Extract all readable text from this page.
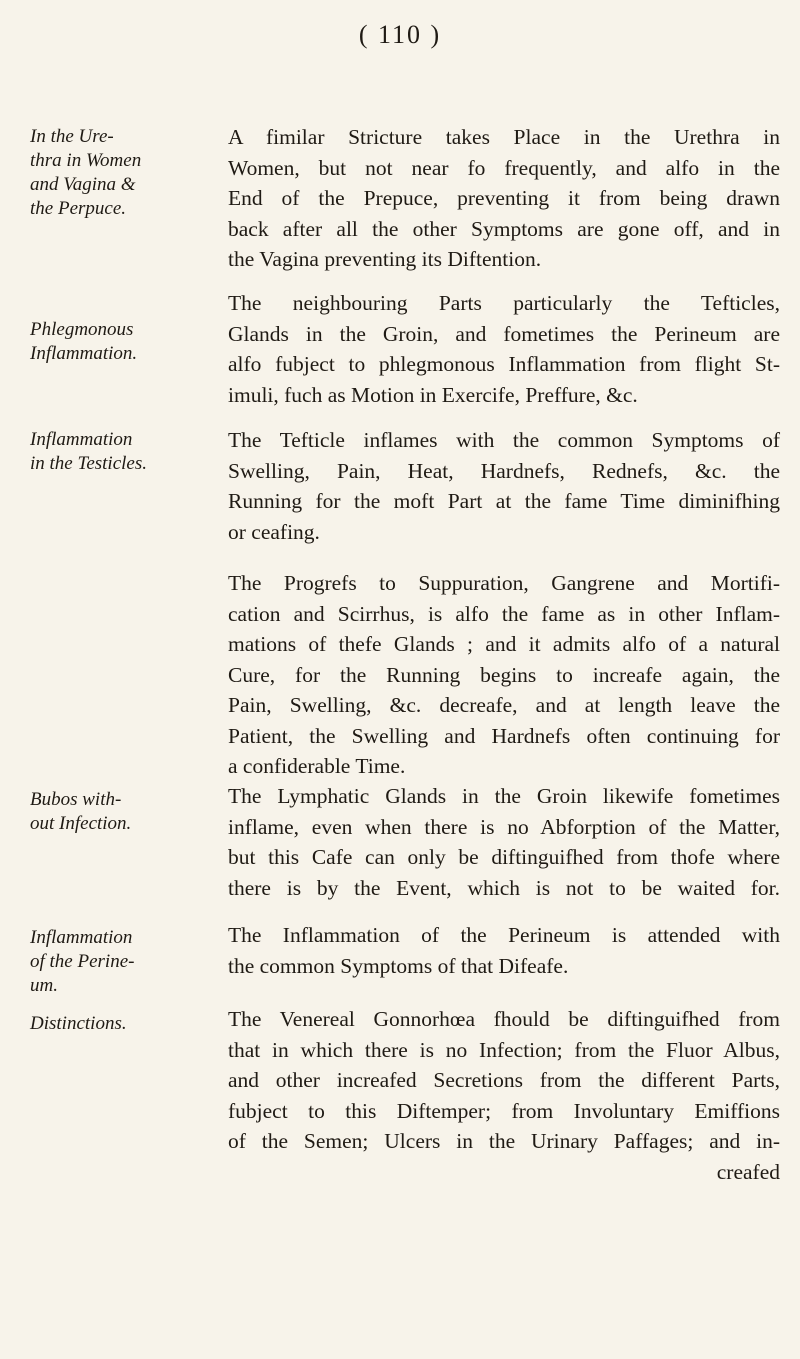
( 110 )
In the Ure-
thra in Women
and Vagina &
the Perpuce.
Phlegmonous
Inflammation.
Inflammation
in the Testicles.
Bubos with-
out Infection.
Inflammation
of the Perine-
um.
Distinctions.
A fimilar Stricture takes Place in the Urethra in
Women, but not near fo frequently, and alfo in the
End of the Prepuce, preventing it from being drawn
back after all the other Symptoms are gone off, and in
the Vagina preventing its Diftention.
The neighbouring Parts particularly the Tefticles,
Glands in the Groin, and fometimes the Perineum are
alfo fubject to phlegmonous Inflammation from flight St-
imuli, fuch as Motion in Exercife, Preffure, &c.
The Tefticle inflames with the common Symptoms of
Swelling, Pain, Heat, Hardnefs, Rednefs, &c. the
Running for the moft Part at the fame Time diminifhing
or ceafing.
The Progrefs to Suppuration, Gangrene and Mortifi-
cation and Scirrhus, is alfo the fame as in other Inflam-
mations of thefe Glands ; and it admits alfo of a natural
Cure, for the Running begins to increafe again, the
Pain, Swelling, &c. decreafe, and at length leave the
Patient, the Swelling and Hardnefs often continuing for
a confiderable Time.
The Lymphatic Glands in the Groin likewife fometimes
inflame, even when there is no Abforption of the Matter,
but this Cafe can only be diftinguifhed from thofe where
there is by the Event, which is not to be waited for.
The Inflammation of the Perineum is attended with
the common Symptoms of that Difeafe.
The Venereal Gonnorhœa fhould be diftinguifhed from
that in which there is no Infection; from the Fluor Albus,
and other increafed Secretions from the different Parts,
fubject to this Diftemper; from Involuntary Emiffions
of the Semen; Ulcers in the Urinary Paffages; and in-
creafed
